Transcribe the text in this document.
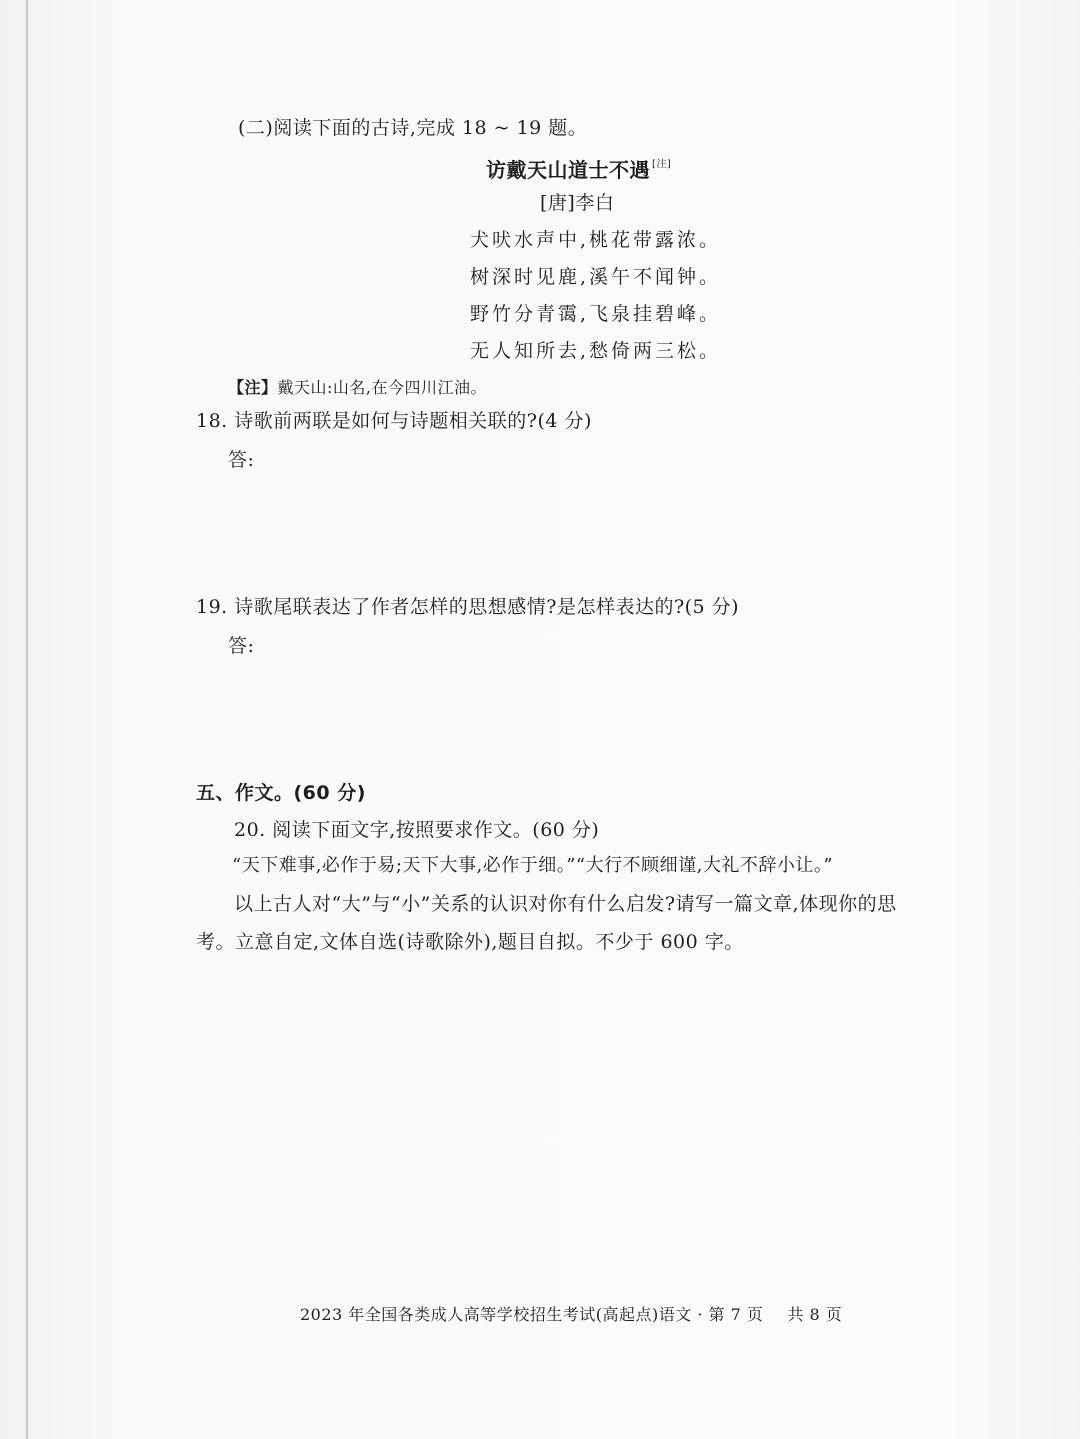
(二)阅读下面的古诗,完成 18 ~ 19 题。
访戴天山道士不遇 [注]
[唐]李白
犬吠水声中,桃花带露浓。
树深时见鹿,溪午不闻钟。
野竹分青霭,飞泉挂碧峰。
无人知所去,愁倚两三松。
【注】戴天山:山名,在今四川江油。
18. 诗歌前两联是如何与诗题相关联的?(4 分)
答:
19. 诗歌尾联表达了作者怎样的思想感情?是怎样表达的?(5 分)
答:
五、作文。(60 分)
20. 阅读下面文字,按照要求作文。(60 分)
“天下难事,必作于易;天下大事,必作于细。”“大行不顾细谨,大礼不辞小让。”
以上古人对“大”与“小”关系的认识对你有什么启发?请写一篇文章,体现你的思
考。立意自定,文体自选(诗歌除外),题目自拟。不少于 600 字。
2023 年全国各类成人高等学校招生考试(高起点)语文 · 第 7 页 共 8 页
